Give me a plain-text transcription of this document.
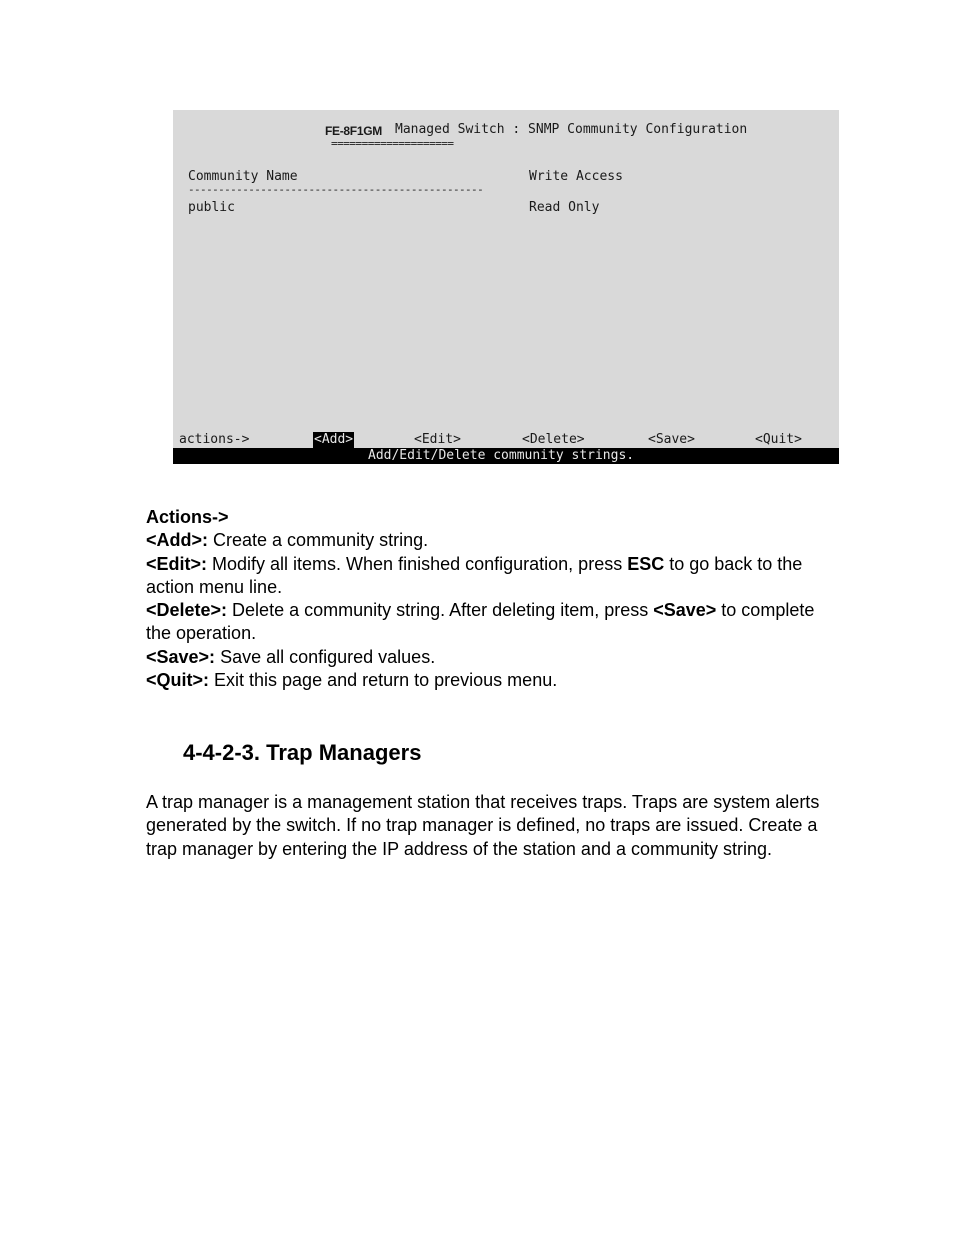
FE-8F1GM Managed Switch : SNMP Community Configuration
====================
Community Name	Write Access
-------------------------------------------------
public	Read Only
actions->	<Add>	<Edit>	<Delete>	<Save>	<Quit>
Add/Edit/Delete community strings.

Actions->

<Add>: Create a community string.

<Edit>: Modify all items. When finished configuration, press ESC to go back to the action menu line.

<Delete>: Delete a community string. After deleting item, press <Save> to complete the operation.

<Save>: Save all configured values.

<Quit>: Exit this page and return to previous menu.

4-4-2-3. Trap Managers

A trap manager is a management station that receives traps. Traps are system alerts generated by the switch. If no trap manager is defined, no traps are issued. Create a trap manager by entering the IP address of the station and a community string.
